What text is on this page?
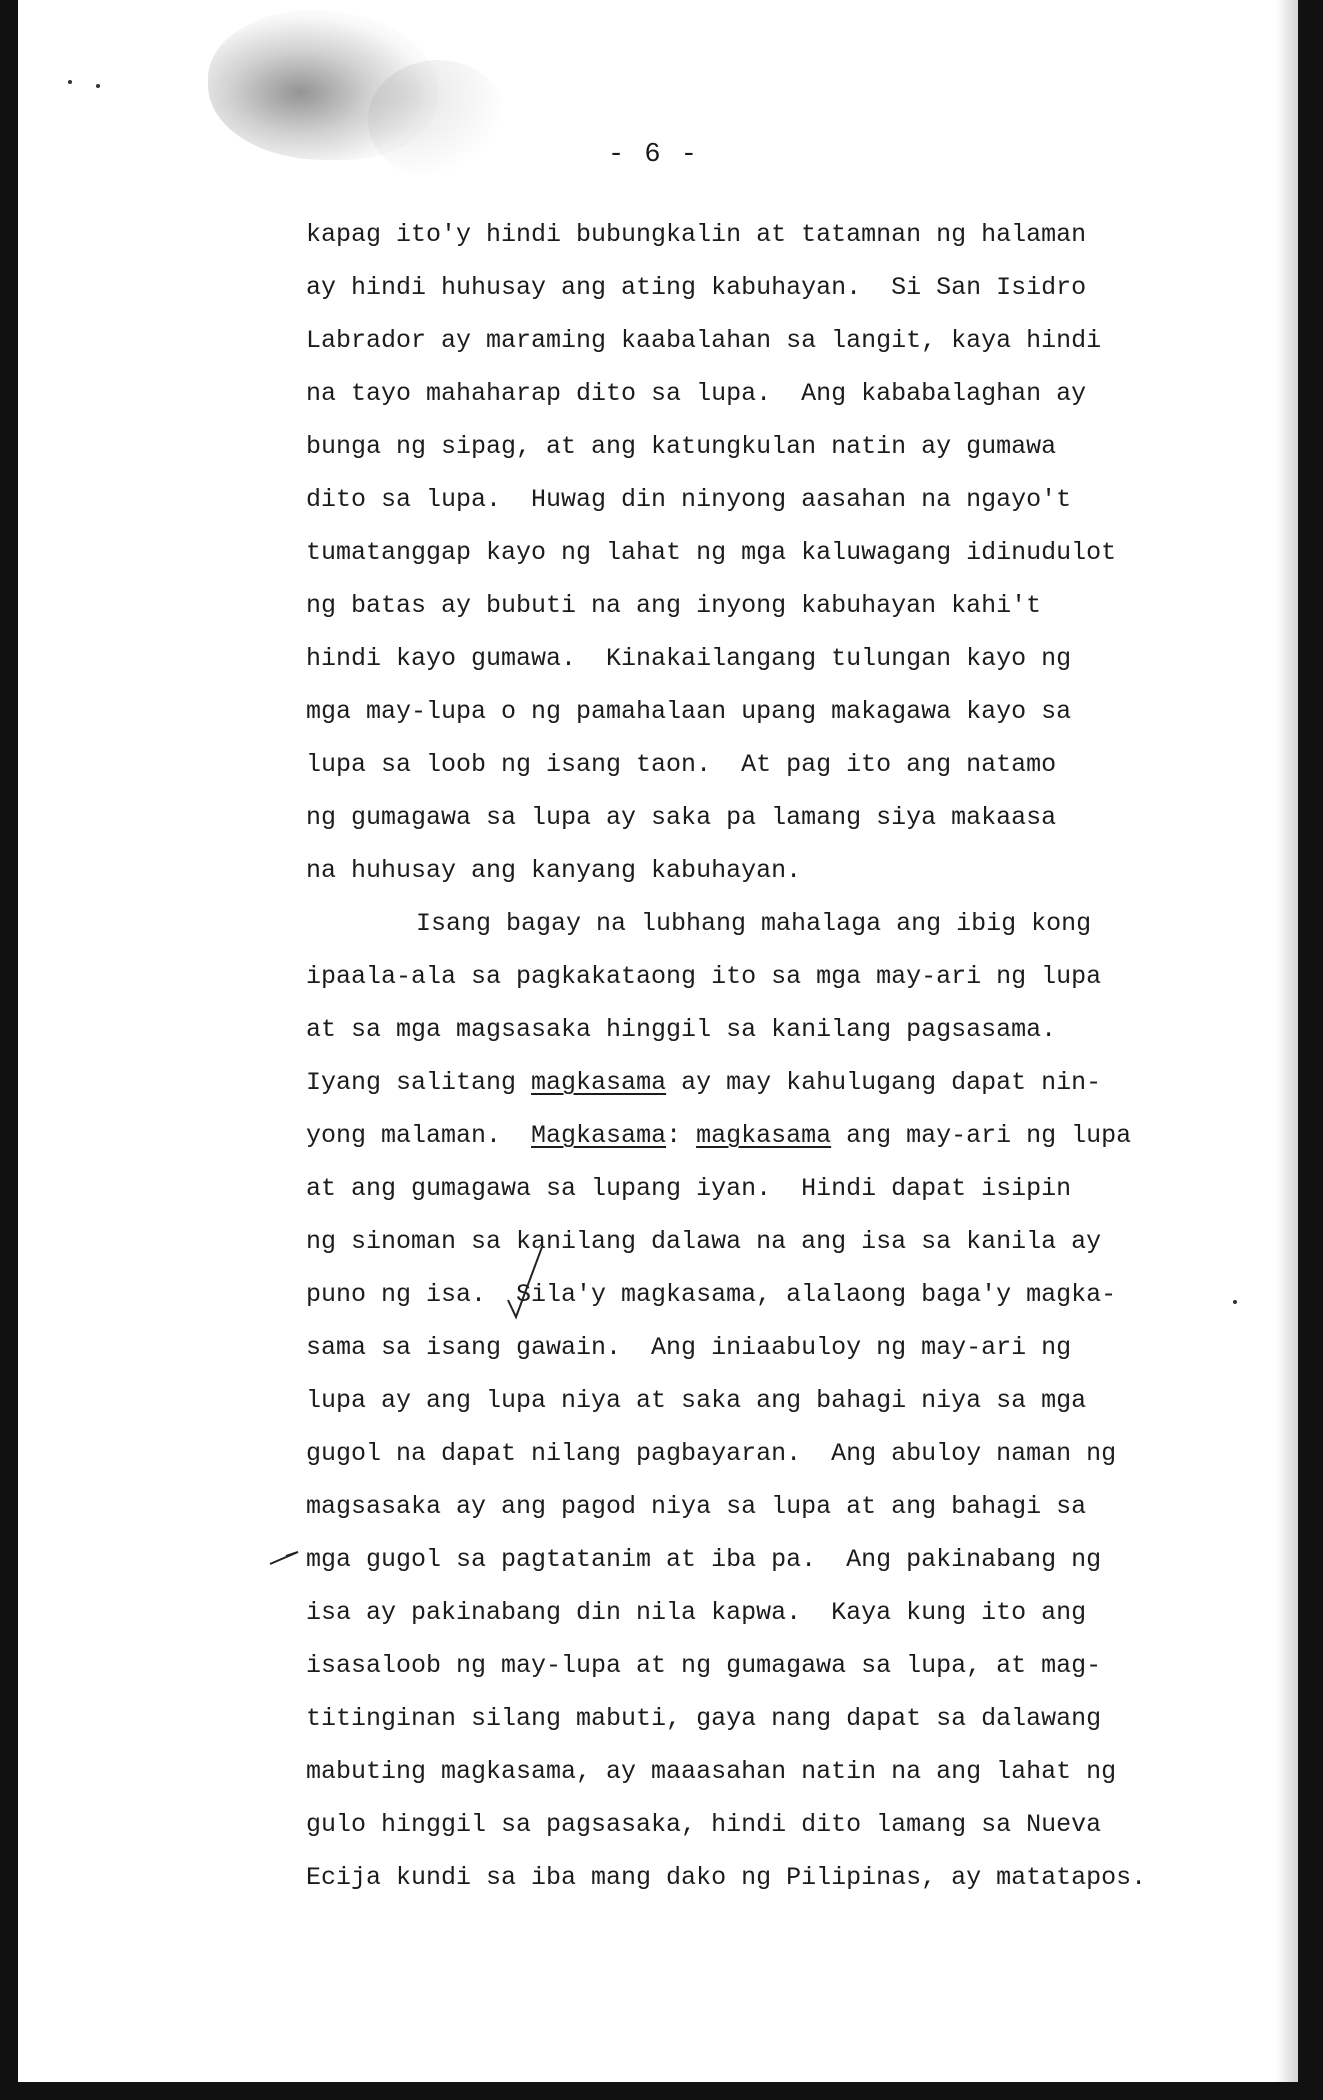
- 6 -

kapag ito'y hindi bubungkalin at tatamnan ng halaman
ay hindi huhusay ang ating kabuhayan.  Si San Isidro
Labrador ay maraming kaabalahan sa langit, kaya hindi
na tayo mahaharap dito sa lupa.  Ang kababalaghan ay
bunga ng sipag, at ang katungkulan natin ay gumawa
dito sa lupa.  Huwag din ninyong aasahan na ngayo't
tumatanggap kayo ng lahat ng mga kaluwagang idinudulot
ng batas ay bubuti na ang inyong kabuhayan kahi't
hindi kayo gumawa.  Kinakailangang tulungan kayo ng
mga may-lupa o ng pamahalaan upang makagawa kayo sa
lupa sa loob ng isang taon.  At pag ito ang natamo
ng gumagawa sa lupa ay saka pa lamang siya makaasa
na huhusay ang kanyang kabuhayan.
Isang bagay na lubhang mahalaga ang ibig kong
ipaala-ala sa pagkakataong ito sa mga may-ari ng lupa
at sa mga magsasaka hinggil sa kanilang pagsasama.
Iyang salitang magkasama ay may kahulugang dapat nin-
yong malaman.  Magkasama: magkasama ang may-ari ng lupa
at ang gumagawa sa lupang iyan.  Hindi dapat isipin
ng sinoman sa kanilang dalawa na ang isa sa kanila ay
puno ng isa.  Sila'y magkasama, alalaong baga'y magka-
sama sa isang gawain.  Ang iniaabuloy ng may-ari ng
lupa ay ang lupa niya at saka ang bahagi niya sa mga
gugol na dapat nilang pagbayaran.  Ang abuloy naman ng
magsasaka ay ang pagod niya sa lupa at ang bahagi sa
mga gugol sa pagtatanim at iba pa.  Ang pakinabang ng
isa ay pakinabang din nila kapwa.  Kaya kung ito ang
isasaloob ng may-lupa at ng gumagawa sa lupa, at mag-
titinginan silang mabuti, gaya nang dapat sa dalawang
mabuting magkasama, ay maaasahan natin na ang lahat ng
gulo hinggil sa pagsasaka, hindi dito lamang sa Nueva
Ecija kundi sa iba mang dako ng Pilipinas, ay matatapos.
